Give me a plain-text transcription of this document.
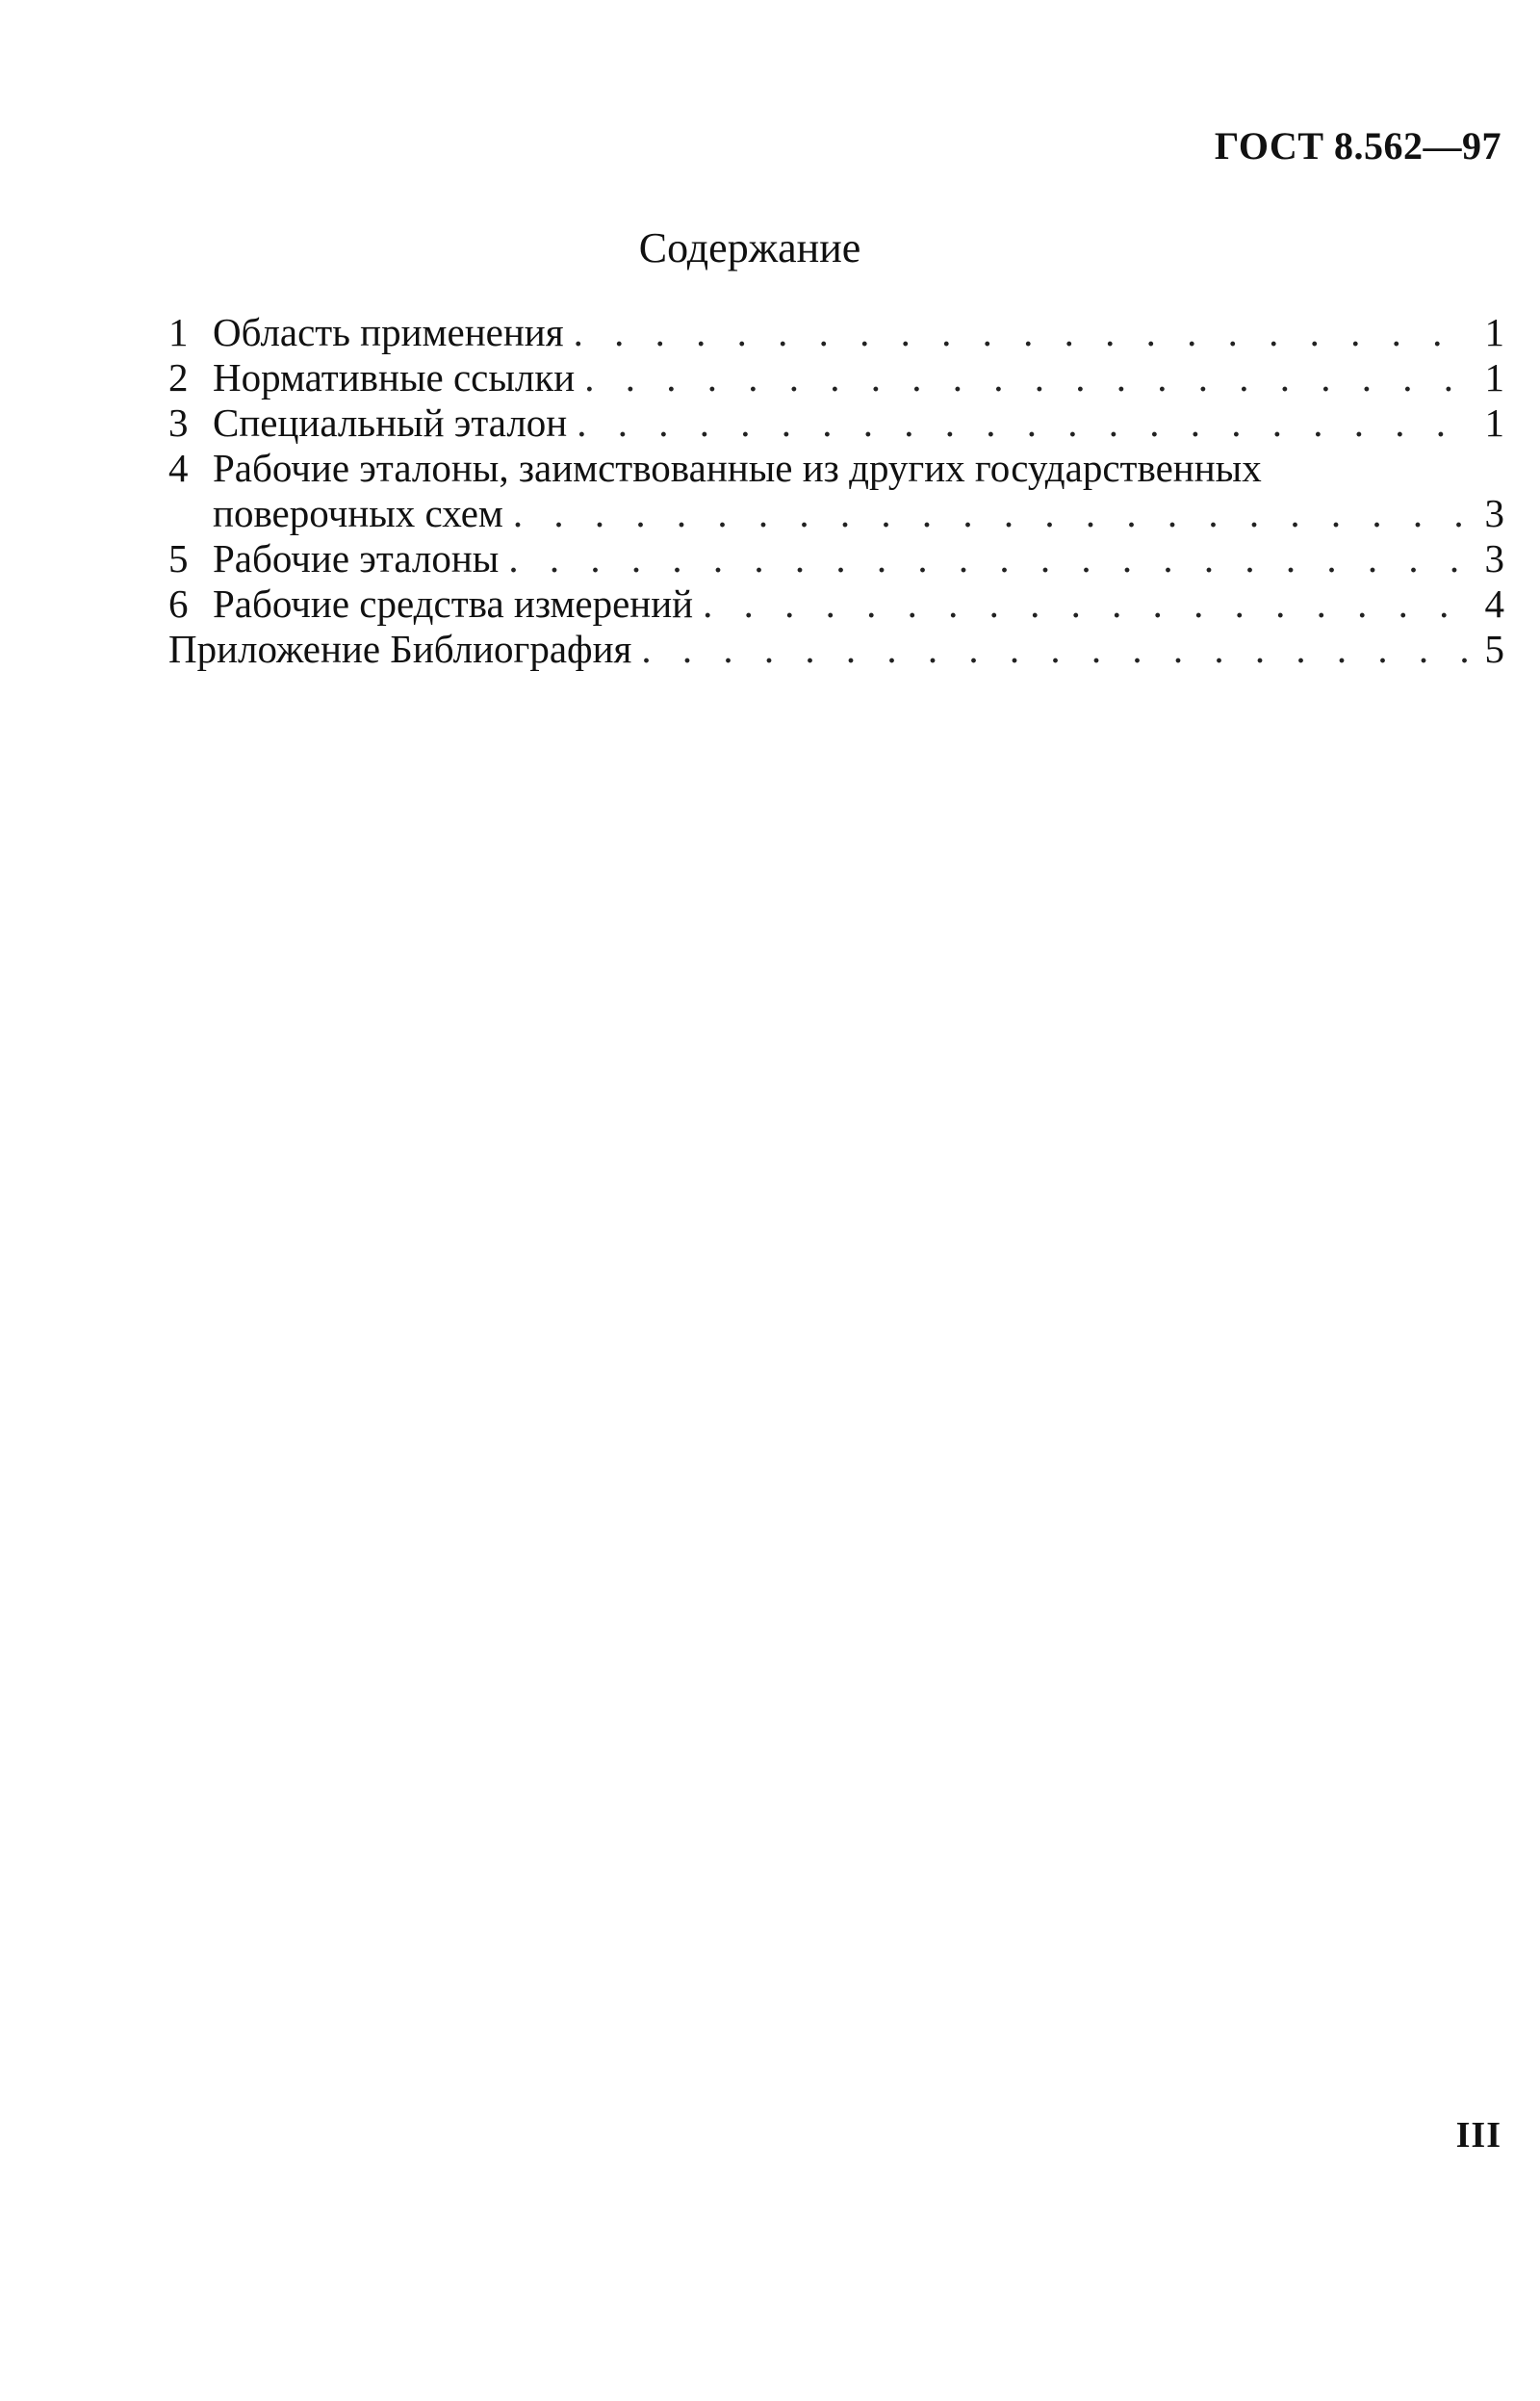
ГОСТ 8.562—97
Содержание
1 Область применения . . .	1
2 Нормативные ссылки . . .	1
3 Специальный эталон . . .	1
4 Рабочие эталоны, заимствованные из других государственных
поверочных схем . . .	3
5 Рабочие эталоны . . .	3
6 Рабочие средства измерений . . .	4
Приложение Библиография . . .	5
III
